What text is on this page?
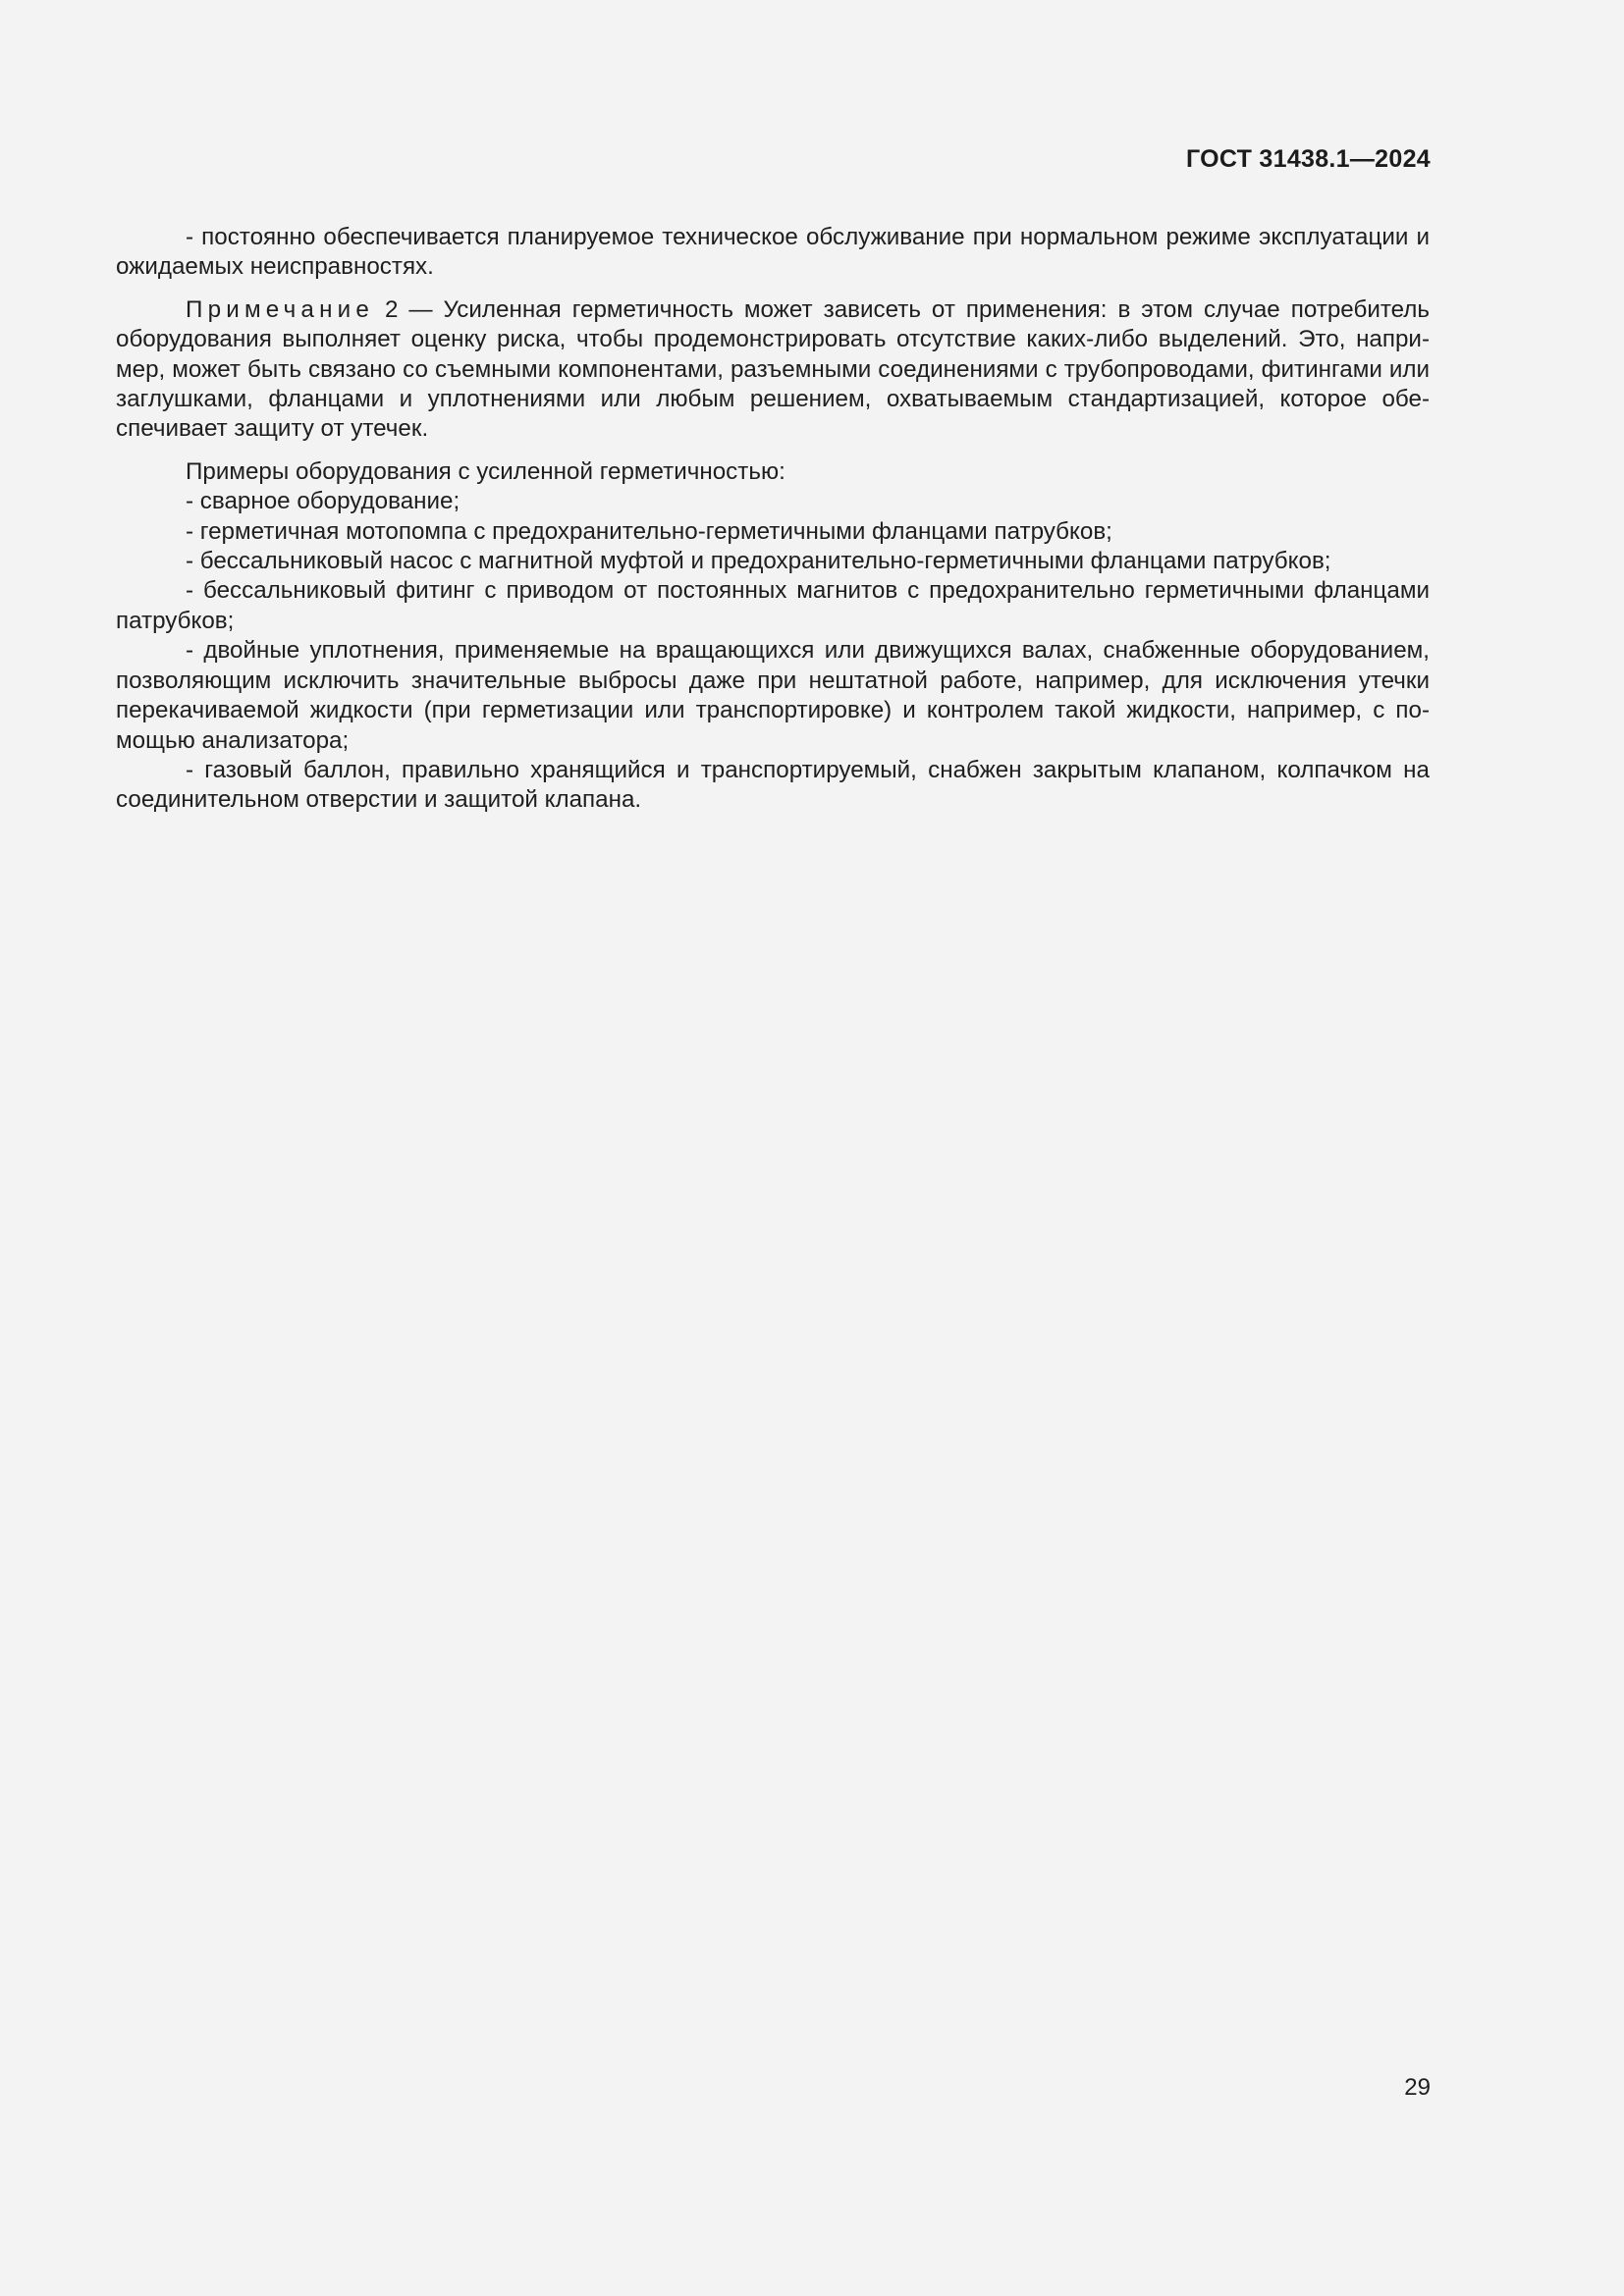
ГОСТ 31438.1—2024

- постоянно обеспечивается планируемое техническое обслуживание при нормальном режиме эксплуатации и ожидаемых неисправностях.

Примечание 2 — Усиленная герметичность может зависеть от применения: в этом случае потребитель оборудования выполняет оценку риска, чтобы продемонстрировать отсутствие каких-либо выделений. Это, например, может быть связано со съемными компонентами, разъемными соединениями с трубопроводами, фитингами или заглушками, фланцами и уплотнениями или любым решением, охватываемым стандартизацией, которое обеспечивает защиту от утечек.

Примеры оборудования с усиленной герметичностью:

- сварное оборудование;

- герметичная мотопомпа с предохранительно-герметичными фланцами патрубков;

- бессальниковый насос с магнитной муфтой и предохранительно-герметичными фланцами патрубков;

- бессальниковый фитинг с приводом от постоянных магнитов с предохранительно герметичными фланцами патрубков;

- двойные уплотнения, применяемые на вращающихся или движущихся валах, снабженные оборудованием, позволяющим исключить значительные выбросы даже при нештатной работе, например, для исключения утечки перекачиваемой жидкости (при герметизации или транспортировке) и контролем такой жидкости, например, с помощью анализатора;

- газовый баллон, правильно хранящийся и транспортируемый, снабжен закрытым клапаном, колпачком на соединительном отверстии и защитой клапана.

29
